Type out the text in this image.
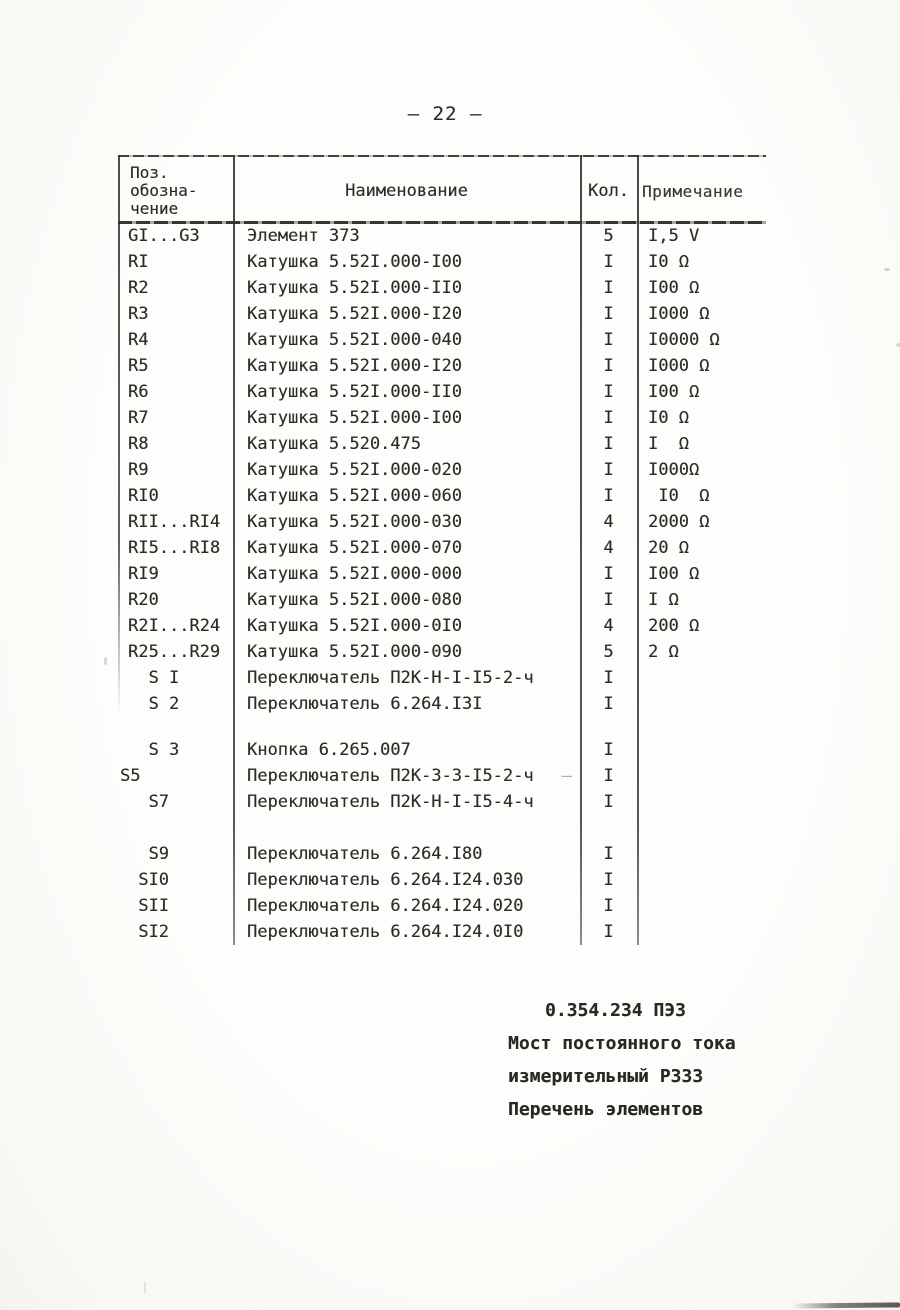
– 22 –
Поз.
обозна-
чение
Наименование	Кол. Примечание
GI...G3	Элемент 373	5	I,5 V
RI	Катушка 5.52I.000-I00	I	I0 Ω
R2	Катушка 5.52I.000-II0	I	I00 Ω
R3	Катушка 5.52I.000-I20	I	I000 Ω
R4	Катушка 5.52I.000-040	I	I0000 Ω
R5	Катушка 5.52I.000-I20	I	I000 Ω
R6	Катушка 5.52I.000-II0	I	I00 Ω
R7	Катушка 5.52I.000-I00	I	I0 Ω
R8	Катушка 5.520.475	I	I  Ω
R9	Катушка 5.52I.000-020	I	I000Ω
RI0	Катушка 5.52I.000-060	I	I0  Ω
RII...RI4	Катушка 5.52I.000-030	4	2000 Ω
RI5...RI8	Катушка 5.52I.000-070	4	20 Ω
RI9	Катушка 5.52I.000-000	I	I00 Ω
R20	Катушка 5.52I.000-080	I	I Ω
R2I...R24	Катушка 5.52I.000-0I0	4	200 Ω
R25...R29	Катушка 5.52I.000-090	5	2 Ω
S I	Переключатель П2К-Н-I-I5-2-ч	I
S 2	Переключатель 6.264.I3I	I
S 3	Кнопка 6.265.007	I
S5	Переключатель П2К-3-3-I5-2-ч –	I
S7	Переключатель П2К-Н-I-I5-4-ч	I
S9	Переключатель 6.264.I80	I
SI0	Переключатель 6.264.I24.030	I
SII	Переключатель 6.264.I24.020	I
SI2	Переключатель 6.264.I24.0I0	I
0.354.234 ПЭЗ
Мост постоянного тока
измерительный Р333
Перечень элементов
